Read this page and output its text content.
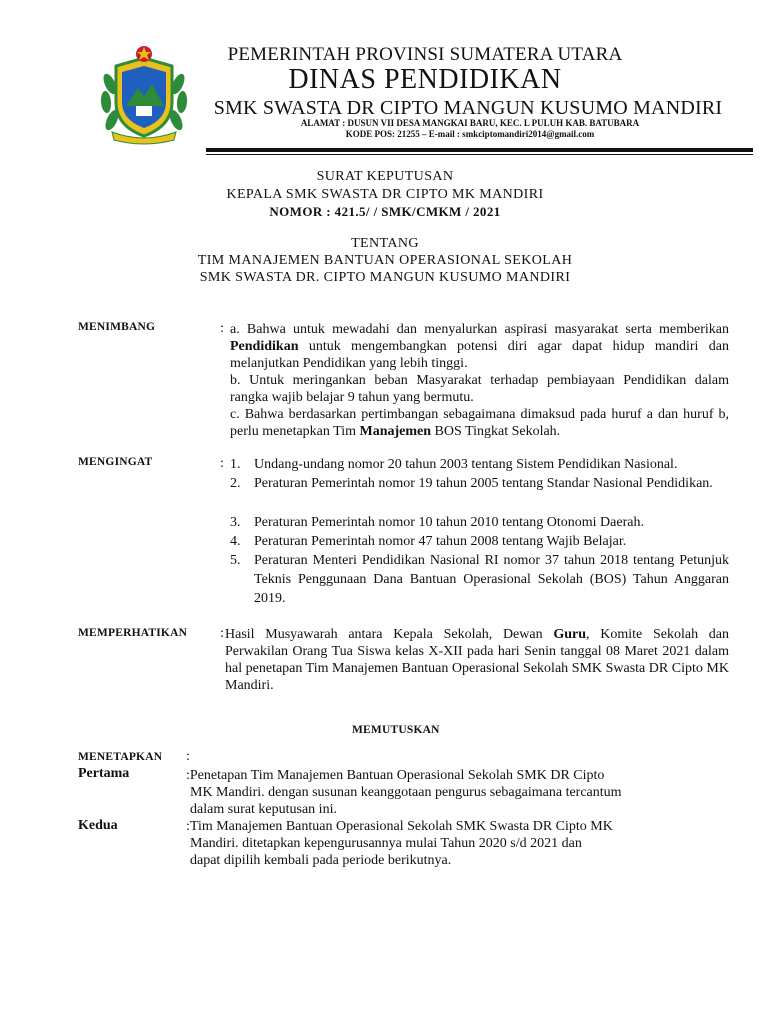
PEMERINTAH PROVINSI SUMATERA UTARA
DINAS PENDIDIKAN
SMK SWASTA DR CIPTO MANGUN KUSUMO MANDIRI
ALAMAT : DUSUN VII DESA MANGKAI BARU, KEC. L PULUH KAB. BATUBARA
KODE POS: 21255 – E-mail : smkciptomandiri2014@gmail.com
SURAT KEPUTUSAN
KEPALA SMK SWASTA DR CIPTO MK MANDIRI
NOMOR : 421.5/ / SMK/CMKM / 2021
TENTANG
TIM MANAJEMEN BANTUAN OPERASIONAL SEKOLAH
SMK SWASTA DR. CIPTO MANGUN KUSUMO MANDIRI
MENIMBANG	: a. Bahwa untuk mewadahi dan menyalurkan aspirasi masyarakat serta memberikan Pendidikan untuk mengembangkan potensi diri agar dapat hidup mandiri dan melanjutkan Pendidikan yang lebih tinggi.

b. Untuk meringankan beban Masyarakat terhadap pembiayaan Pendidikan dalam rangka wajib belajar 9 tahun yang bermutu.

c. Bahwa berdasarkan pertimbangan sebagaimana dimaksud pada huruf a dan huruf b, perlu menetapkan Tim Manajemen BOS Tingkat Sekolah.

MENGINGAT	: 1. Undang-undang nomor 20 tahun 2003 tentang Sistem Pendidikan Nasional.
2. Peraturan Pemerintah nomor 19 tahun 2005 tentang Standar Nasional Pendidikan.
3. Peraturan Pemerintah nomor 10 tahun 2010 tentang Otonomi Daerah.
4. Peraturan Pemerintah nomor 47 tahun 2008 tentang Wajib Belajar.
5. Peraturan Menteri Pendidikan Nasional RI nomor 37 tahun 2018 tentang Petunjuk Teknis Penggunaan Dana Bantuan Operasional Sekolah (BOS) Tahun Anggaran 2019.
MEMPERHATIKAN : Hasil Musyawarah antara Kepala Sekolah, Dewan Guru, Komite Sekolah dan Perwakilan Orang Tua Siswa kelas X-XII pada hari Senin tanggal 08 Maret 2021 dalam hal penetapan Tim Manajemen Bantuan Operasional Sekolah SMK Swasta DR Cipto MK Mandiri.

MEMUTUSKAN
MENETAPKAN :
Pertama	:Penetapan Tim Manajemen Bantuan Operasional Sekolah SMK DR Cipto
MK Mandiri. dengan susunan keanggotaan pengurus sebagaimana tercantum
dalam surat keputusan ini.
Kedua	:Tim Manajemen Bantuan Operasional Sekolah SMK Swasta DR Cipto MK
Mandiri. ditetapkan kepengurusannya mulai Tahun 2020 s/d 2021 dan
dapat dipilih kembali pada periode berikutnya.
